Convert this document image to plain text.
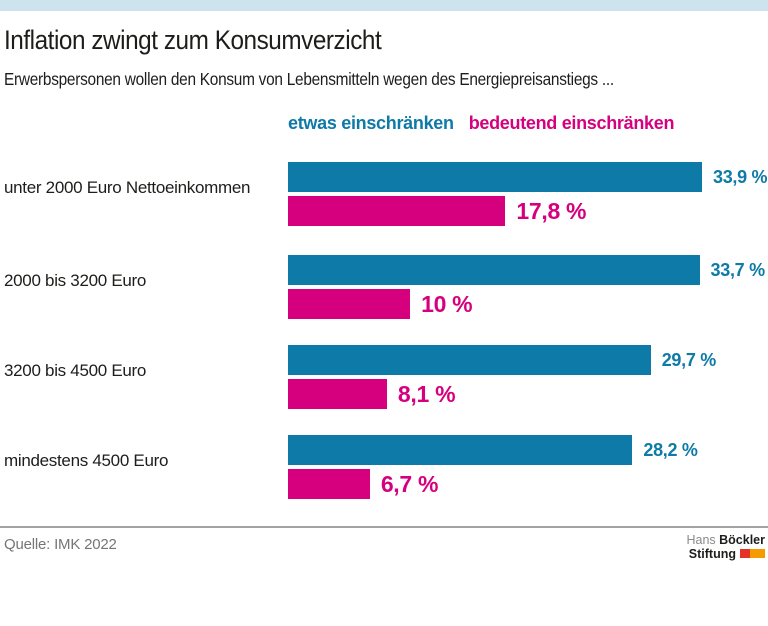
Inflation zwingt zum Konsumverzicht
Erwerbspersonen wollen den Konsum von Lebensmitteln wegen des Energiepreisanstiegs ...
etwas einschränken bedeutend einschränken
unter 2000 Euro Nettoeinkommen
33,9 %
17,8 %
2000 bis 3200 Euro
33,7 %
10 %
3200 bis 4500 Euro
29,7 %
8,1 %
mindestens 4500 Euro
28,2 %
6,7 %
Quelle: IMK 2022	Hans Böckler
Stiftung
